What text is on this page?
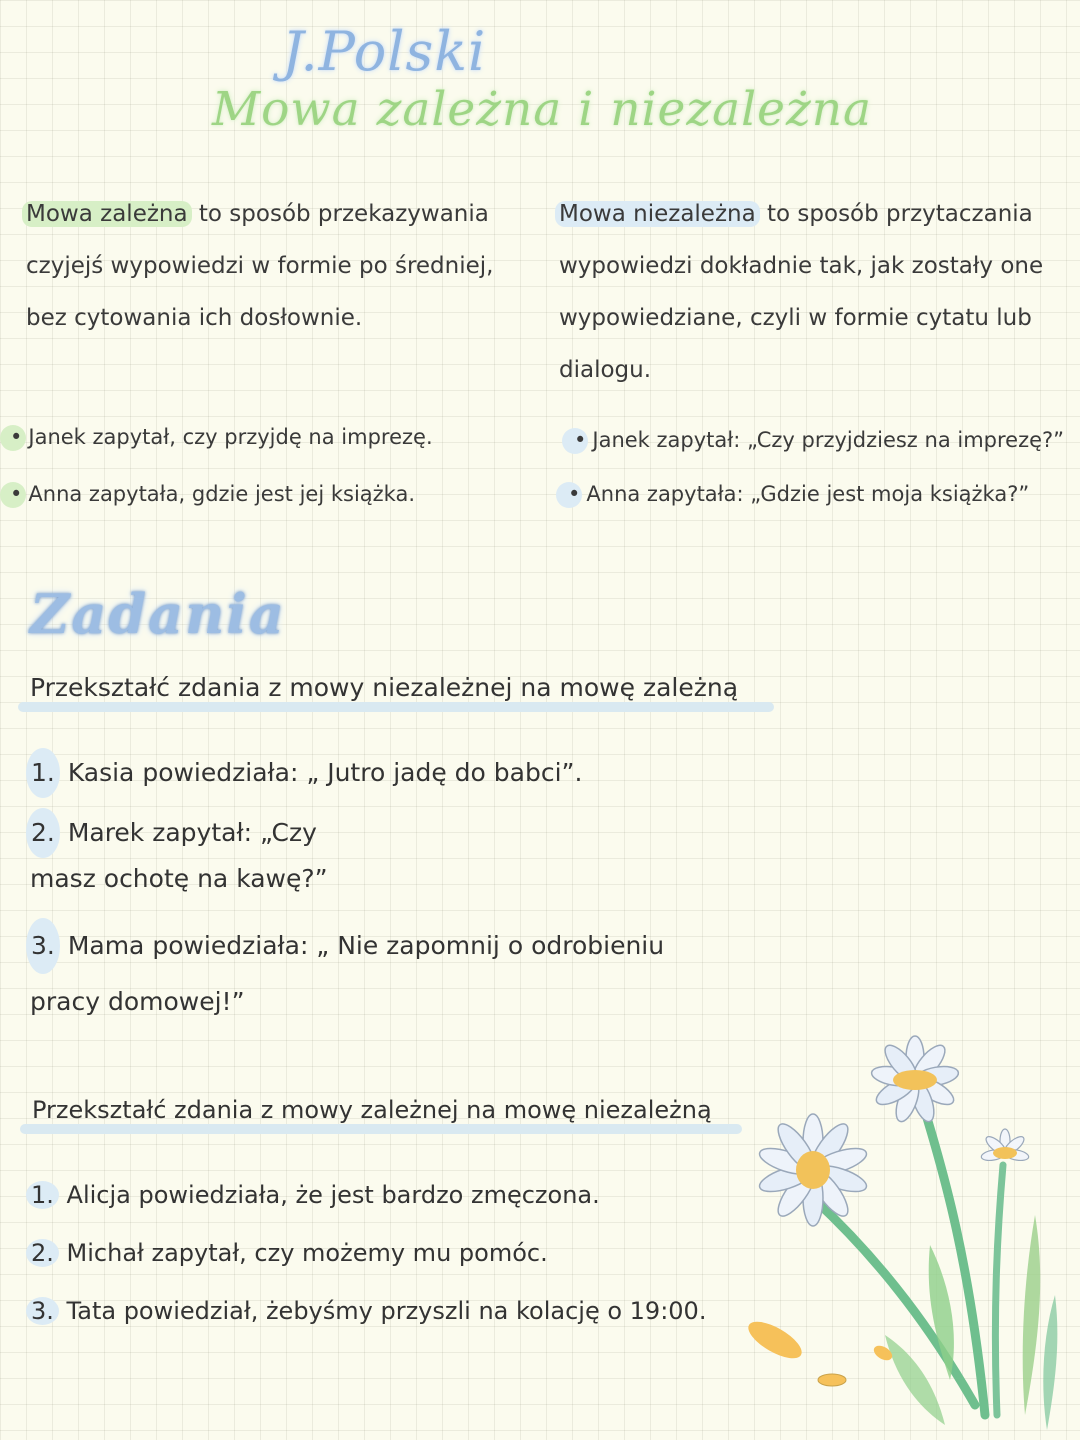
J.Polski
Mowa zależna i niezależna
Mowa zależna to sposób przekazywania
czyjejś wypowiedzi w formie po średniej,
bez cytowania ich dosłownie.
Mowa niezależna to sposób przytaczania
wypowiedzi dokładnie tak, jak zostały one
wypowiedziane, czyli w formie cytatu lub
dialogu.
• Janek zapytał, czy przyjdę na imprezę.
• Anna zapytała, gdzie jest jej książka.
• Janek zapytał: „Czy przyjdziesz na imprezę?”
• Anna zapytała: „Gdzie jest moja książka?”
Zadania
Przekształć zdania z mowy niezależnej na mowę zależną
1. Kasia powiedziała: „ Jutro jadę do babci”.
2. Marek zapytał: „Czy
masz ochotę na kawę?”
3. Mama powiedziała: „ Nie zapomnij o odrobieniu
pracy domowej!”
Przekształć zdania z mowy zależnej na mowę niezależną
1. Alicja powiedziała, że jest bardzo zmęczona.
2. Michał zapytał, czy możemy mu pomóc.
3. Tata powiedział, żebyśmy przyszli na kolację o 19:00.
